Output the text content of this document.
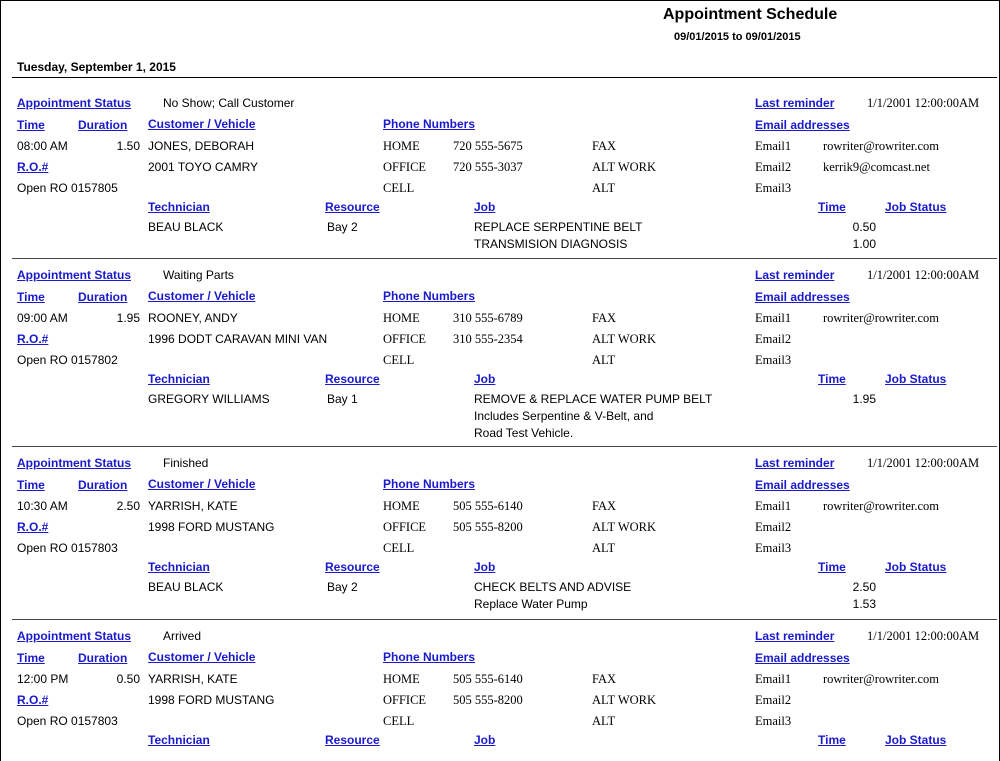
Appointment Schedule
09/01/2015 to 09/01/2015
Tuesday, September 1, 2015
Appointment Status	No Show; Call Customer	Last reminder	1/1/2001 12:00:00AM
Time	Duration Customer / Vehicle	Phone Numbers	Email addresses
08:00 AM	1.50 JONES, DEBORAH	HOME	720 555-5675	FAX	Email1	rowriter@rowriter.com
R.O.#	2001 TOYO CAMRY	OFFICE 720 555-3037	ALT WORK	Email2	kerrik9@comcast.net
Open RO 0157805	CELL	ALT	Email3
Technician	Resource	Job	Time	Job Status
BEAU BLACK	Bay 2	REPLACE SERPENTINE BELT	0.50
TRANSMISION DIAGNOSIS	1.00
Appointment Status	Waiting Parts	Last reminder	1/1/2001 12:00:00AM
Time	Duration Customer / Vehicle	Phone Numbers	Email addresses
09:00 AM	1.95 ROONEY, ANDY	HOME	310 555-6789	FAX	Email1	rowriter@rowriter.com
R.O.#	1996 DODT CARAVAN MINI VAN	OFFICE 310 555-2354	ALT WORK	Email2
Open RO 0157802	CELL	ALT	Email3
Technician	Resource	Job	Time	Job Status
GREGORY WILLIAMS	Bay 1	REMOVE & REPLACE WATER PUMP BELT	1.95
Includes Serpentine & V-Belt, and
Road Test Vehicle.
Appointment Status	Finished	Last reminder	1/1/2001 12:00:00AM
Time	Duration Customer / Vehicle	Phone Numbers	Email addresses
10:30 AM	2.50 YARRISH, KATE	HOME	505 555-6140	FAX	Email1	rowriter@rowriter.com
R.O.#	1998 FORD MUSTANG	OFFICE 505 555-8200	ALT WORK	Email2
Open RO 0157803	CELL	ALT	Email3
Technician	Resource	Job	Time	Job Status
BEAU BLACK	Bay 2	CHECK BELTS AND ADVISE	2.50
Replace Water Pump	1.53
Appointment Status	Arrived	Last reminder	1/1/2001 12:00:00AM
Time	Duration Customer / Vehicle	Phone Numbers	Email addresses
12:00 PM	0.50 YARRISH, KATE	HOME	505 555-6140	FAX	Email1	rowriter@rowriter.com
R.O.#	1998 FORD MUSTANG	OFFICE 505 555-8200	ALT WORK	Email2
Open RO 0157803	CELL	ALT	Email3
Technician	Resource	Job	Time	Job Status
